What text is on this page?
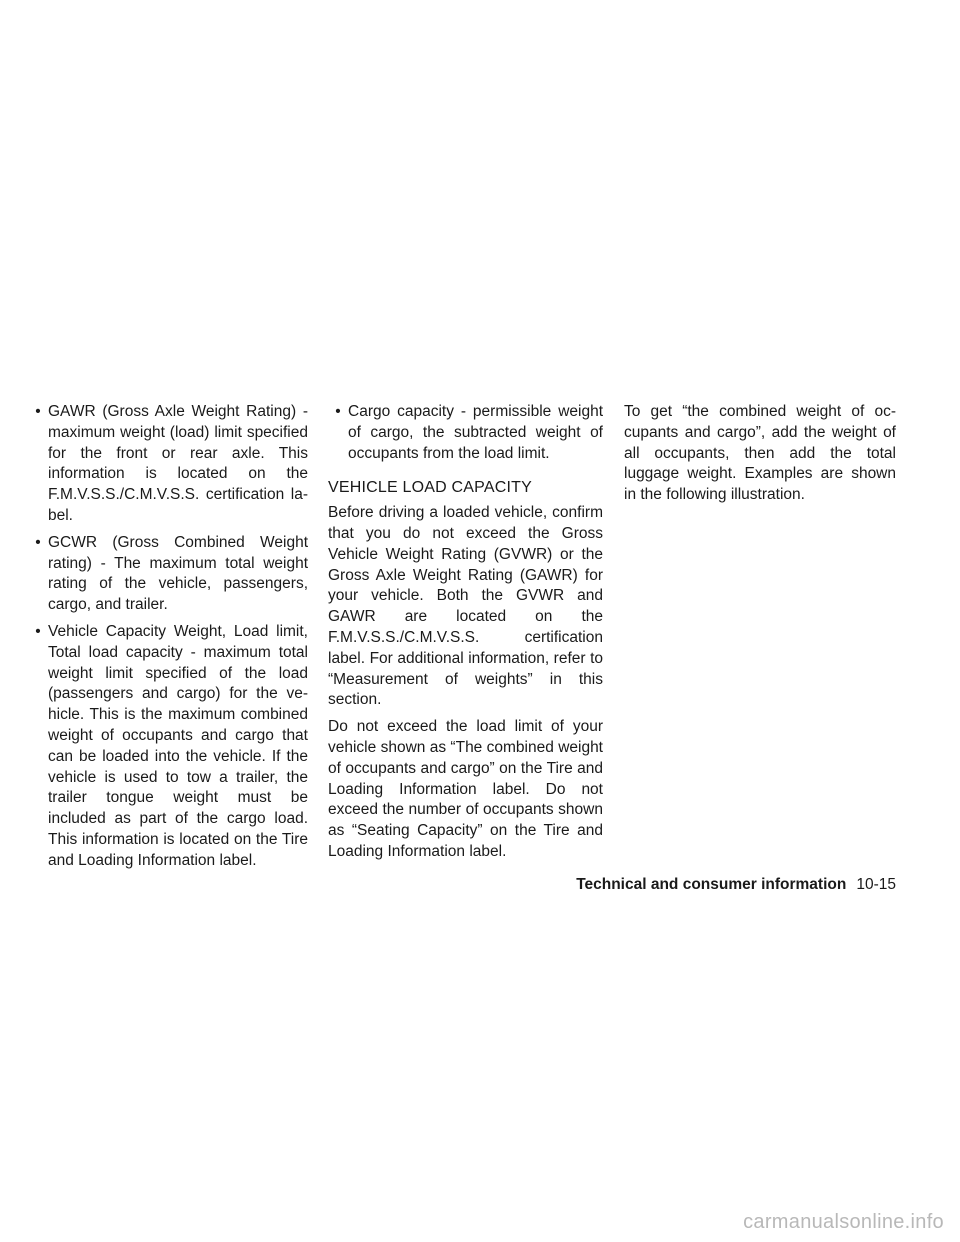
• GAWR (Gross Axle Weight Rating) - maximum weight (load) limit specified for the front or rear axle. This information is located on the F.M.V.S.S./C.M.V.S.S. certification label.
• GCWR (Gross Combined Weight rating) - The maximum total weight rating of the vehicle, passengers, cargo, and trailer.
• Vehicle Capacity Weight, Load limit, Total load capacity - maximum total weight limit specified of the load (passengers and cargo) for the vehicle. This is the maximum combined weight of occupants and cargo that can be loaded into the vehicle. If the vehicle is used to tow a trailer, the trailer tongue weight must be included as part of the cargo load. This information is located on the Tire and Loading Information label.
• Cargo capacity - permissible weight of cargo, the subtracted weight of occupants from the load limit.
VEHICLE LOAD CAPACITY

Before driving a loaded vehicle, confirm that you do not exceed the Gross Vehicle Weight Rating (GVWR) or the Gross Axle Weight Rating (GAWR) for your vehicle. Both the GVWR and GAWR are located on the F.M.V.S.S./C.M.V.S.S. certification label. For additional information, refer to “Measurement of weights” in this section.

Do not exceed the load limit of your vehicle shown as “The combined weight of occupants and cargo” on the Tire and Loading Information label. Do not exceed the number of occupants shown as “Seating Capacity” on the Tire and Loading Information label.

To get “the combined weight of occupants and cargo”, add the weight of all occupants, then add the total luggage weight. Examples are shown in the following illustration.

Technical and consumer information 10-15
carmanualsonline.info
